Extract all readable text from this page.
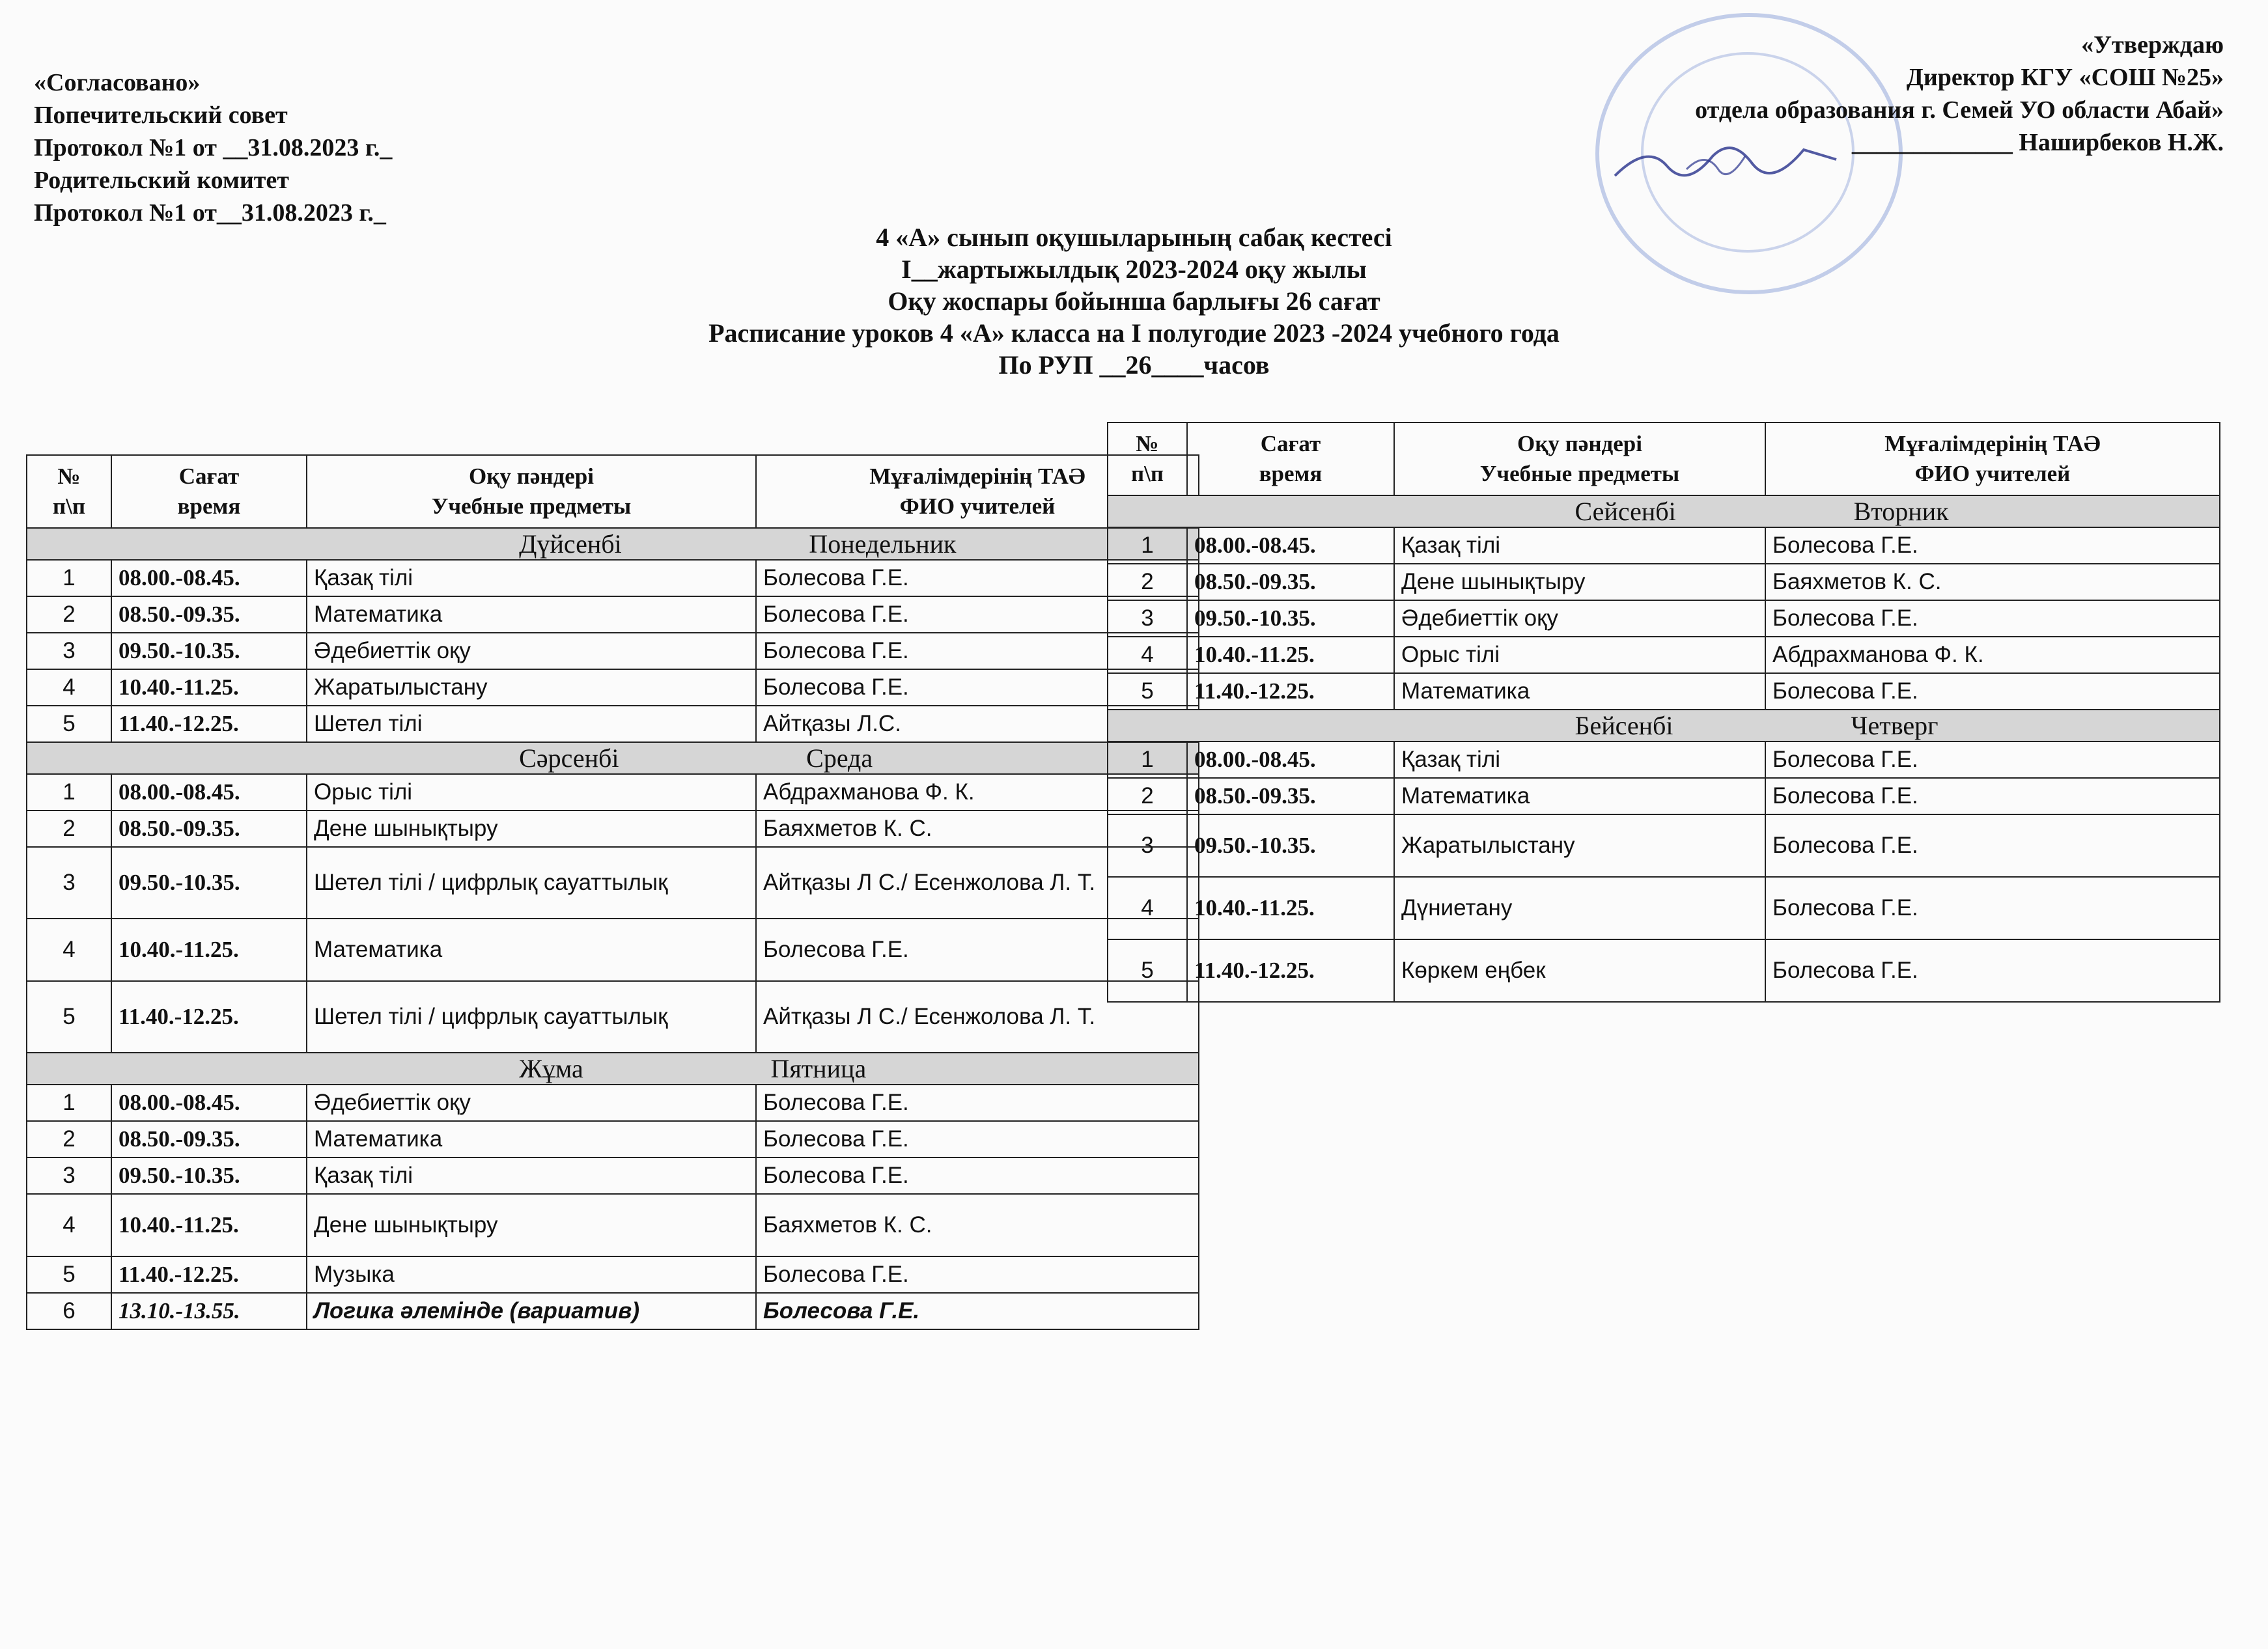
«Согласовано»
Попечительский совет
Протокол №1 от __31.08.2023 г._
Родительский комитет
Протокол №1 от__31.08.2023 г._
«Утверждаю
Директор КГУ «СОШ №25»
отдела образования г. Семей УО области Абай»
_____________ Наширбеков Н.Ж.
4 «А» сынып оқушыларының сабақ кестесі
I__жартыжылдық 2023-2024 оқу жылы
Оқу жоспары бойынша барлығы 26 сағат
Расписание уроков 4 «А» класса на I полугодие 2023 -2024 учебного года
По РУП __26____часов
№
п\п	Сағат
время	Оқу пәндері
Учебные предметы	Мұғалімдерінің ТАӘ
ФИО учителей
Дүйсенбі Понедельник			
1	08.00.-08.45.	Қазақ тілі	Болесова Г.Е.
2	08.50.-09.35.	Математика	Болесова Г.Е.
3	09.50.-10.35.	Әдебиеттік оқу	Болесова Г.Е.
4	10.40.-11.25.	Жаратылыстану	Болесова Г.Е.
5	11.40.-12.25.	Шетел тілі	Айтқазы Л.С.
Сәрсенбі Среда			
1	08.00.-08.45.	Орыс тілі	Абдрахманова Ф. К.
2	08.50.-09.35.	Дене шынықтыру	Баяхметов К. С.
3	09.50.-10.35.	Шетел тілі / цифрлық сауаттылық	Айтқазы Л С./ Есенжолова Л. Т.
4	10.40.-11.25.	Математика	Болесова Г.Е.
5	11.40.-12.25.	Шетел тілі / цифрлық сауаттылық	Айтқазы Л С./ Есенжолова Л. Т.
Жұма Пятница			
1	08.00.-08.45.	Әдебиеттік оқу	Болесова Г.Е.
2	08.50.-09.35.	Математика	Болесова Г.Е.
3	09.50.-10.35.	Қазақ тілі	Болесова Г.Е.
4	10.40.-11.25.	Дене шынықтыру	Баяхметов К. С.
5	11.40.-12.25.	Музыка	Болесова Г.Е.
6	13.10.-13.55.	Логика әлемінде (вариатив)	Болесова Г.Е.
№
п\п	Сағат
время	Оқу пәндері
Учебные предметы	Мұғалімдерінің ТАӘ
ФИО учителей
Сейсенбі Вторник			
1	08.00.-08.45.	Қазақ тілі	Болесова Г.Е.
2	08.50.-09.35.	Дене шынықтыру	Баяхметов К. С.
3	09.50.-10.35.	Әдебиеттік оқу	Болесова Г.Е.
4	10.40.-11.25.	Орыс тілі	Абдрахманова Ф. К.
5	11.40.-12.25.	Математика	Болесова Г.Е.
Бейсенбі Четверг			
1	08.00.-08.45.	Қазақ тілі	Болесова Г.Е.
2	08.50.-09.35.	Математика	Болесова Г.Е.
3	09.50.-10.35.	Жаратылыстану	Болесова Г.Е.
4	10.40.-11.25.	Дүниетану	Болесова Г.Е.
5	11.40.-12.25.	Көркем еңбек	Болесова Г.Е.
